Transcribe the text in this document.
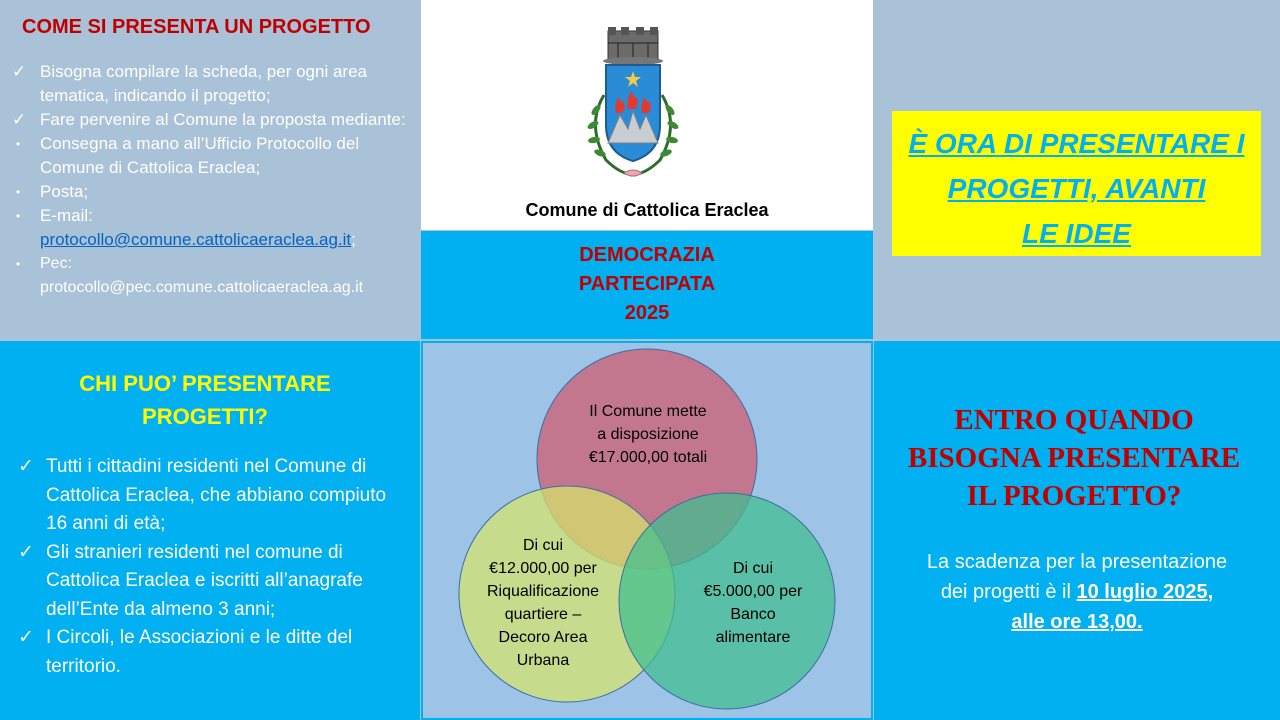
COME SI PRESENTA UN PROGETTO
✓ Bisogna compilare la scheda, per ogni area tematica, indicando il progetto;
✓ Fare pervenire al Comune la proposta mediante:
•	Consegna a mano all’Ufficio Protocollo del Comune di Cattolica Eraclea;
•	Posta;
•	E-mail:
protocollo@comune.cattolicaeraclea.ag.it;
•	Pec:
protocollo@pec.comune.cattolicaeraclea.ag.it
Comune di Cattolica Eraclea
DEMOCRAZIA
PARTECIPATA
2025
È ORA DI PRESENTARE I
PROGETTI, AVANTI
LE IDEE
CHI PUO’ PRESENTARE
PROGETTI?
✓ Tutti i cittadini residenti nel Comune di Cattolica Eraclea, che abbiano compiuto 16 anni di età;
✓ Gli stranieri residenti nel comune di Cattolica Eraclea e iscritti all’anagrafe dell’Ente da almeno 3 anni;
✓ I Circoli, le Associazioni e le ditte del territorio.
Il Comune mette
a disposizione
€17.000,00 totali
Di cui
€12.000,00 per
Riqualificazione
quartiere –
Decoro Area
Urbana
Di cui
€5.000,00 per
Banco
alimentare
ENTRO QUANDO
BISOGNA PRESENTARE
IL PROGETTO?
La scadenza per la presentazione
dei progetti è il 10 luglio 2025,
alle ore 13,00.
